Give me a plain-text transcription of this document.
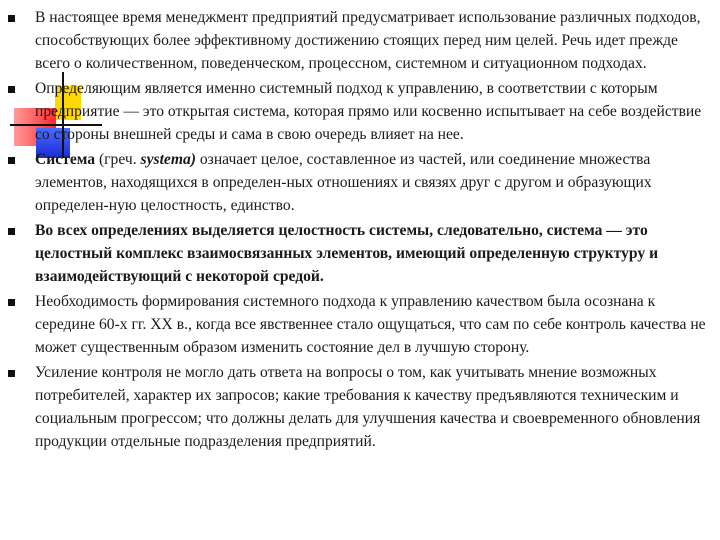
В настоящее время менеджмент предприятий предусматривает использование различных подходов, способствующих более эффективному достижению стоящих перед ним целей. Речь идет прежде всего о количественном, поведенческом, процессном, системном и ситуационном подходах.
Определяющим является именно системный подход к управлению, в соответствии с которым предприятие — это открытая система, которая прямо или косвенно испытывает на себе воздействие со стороны внешней среды и сама в свою очередь влияет на нее.
Система (греч. systema) означает целое, составленное из частей, или соединение множества элементов, находящихся в определен-ных отношениях и связях друг с другом и образующих определен-ную целостность, единство.
Во всех определениях выделяется целостность системы, следовательно, система — это целостный комплекс взаимосвязанных элементов, имеющий определенную структуру и взаимодействующий с некоторой средой.
Необходимость формирования системного подхода к управлению качеством была осознана к середине 60-х гг. XX в., когда все явственнее стало ощущаться, что сам по себе контроль качества не может существенным образом изменить состояние дел в лучшую сторону.
Усиление контроля не могло дать ответа на вопросы о том, как учитывать мнение возможных потребителей, характер их запросов; какие требования к качеству предъявляются техническим и социальным прогрессом; что должны делать для улучшения качества и своевременного обновления продукции отдельные подразделения предприятий.
